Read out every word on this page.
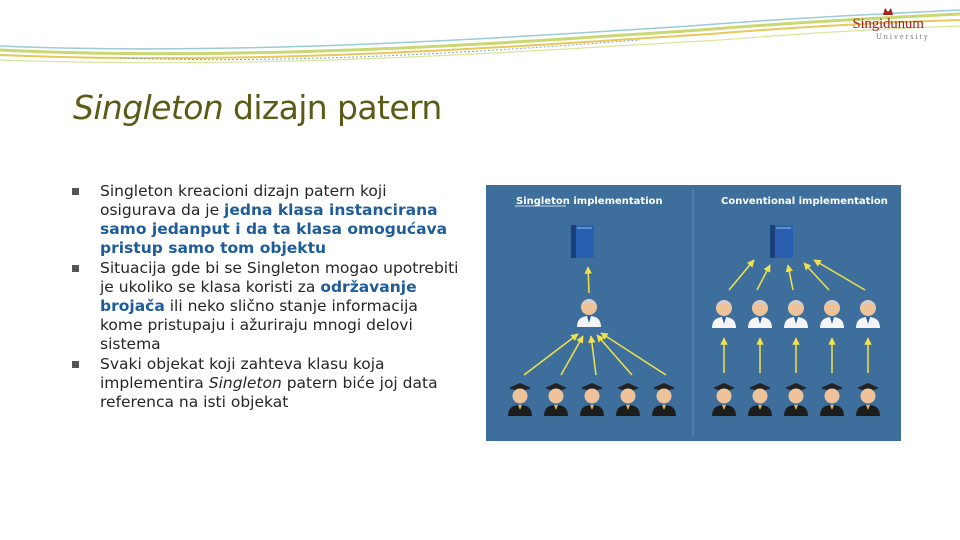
Singidunum
University
Singleton dizajn patern
Singleton kreacioni dizajn patern koji osigurava da je jedna klasa instancirana samo jedanput i da ta klasa omogućava pristup samo tom objektu
Situacija gde bi se Singleton mogao upotrebiti je ukoliko se klasa koristi za održavanje brojača ili neko slično stanje informacija kome pristupaju i ažuriraju mnogi delovi sistema
Svaki objekat koji zahteva klasu koja implementira Singleton patern biće joj data referenca na isti objekat
Singleton implementation	Conventional implementation
